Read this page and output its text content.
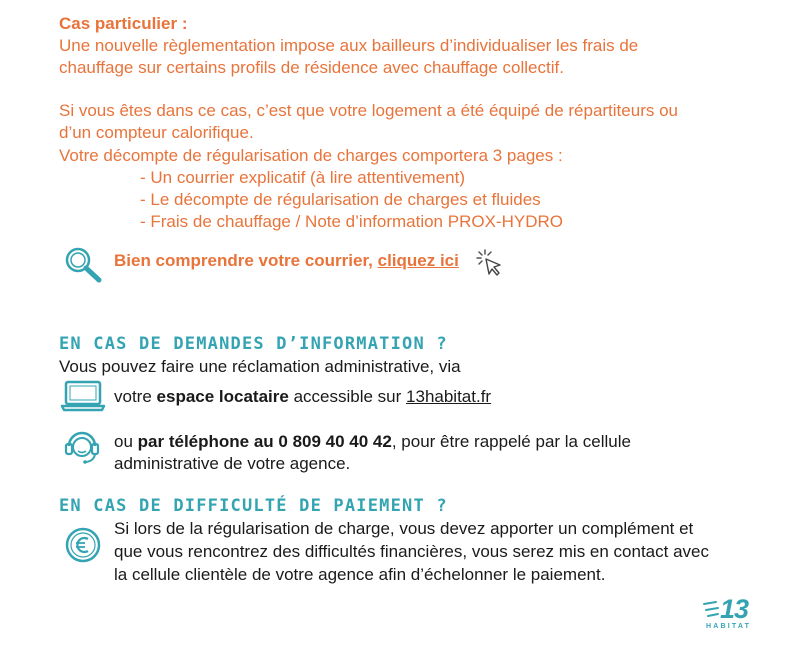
Cas particulier :
Une nouvelle règlementation impose aux bailleurs d’individualiser les frais de
chauffage sur certains profils de résidence avec chauffage collectif.
Si vous êtes dans ce cas, c’est que votre logement a été équipé de répartiteurs ou
d’un compteur calorifique.
Votre décompte de régularisation de charges comportera 3 pages :
- Un courrier explicatif (à lire attentivement)
- Le décompte de régularisation de charges et fluides
- Frais de chauffage / Note d’information PROX-HYDRO
Bien comprendre votre courrier, cliquez ici
EN CAS DE DEMANDES D’INFORMATION ?
Vous pouvez faire une réclamation administrative, via
votre espace locataire accessible sur 13habitat.fr
ou par téléphone au 0 809 40 40 42, pour être rappelé par la cellule
administrative de votre agence.
EN CAS DE DIFFICULTÉ DE PAIEMENT ?
Si lors de la régularisation de charge, vous devez apporter un complément et
que vous rencontrez des difficultés financières, vous serez mis en contact avec
la cellule clientèle de votre agence afin d’échelonner le paiement.
13
HABITAT
